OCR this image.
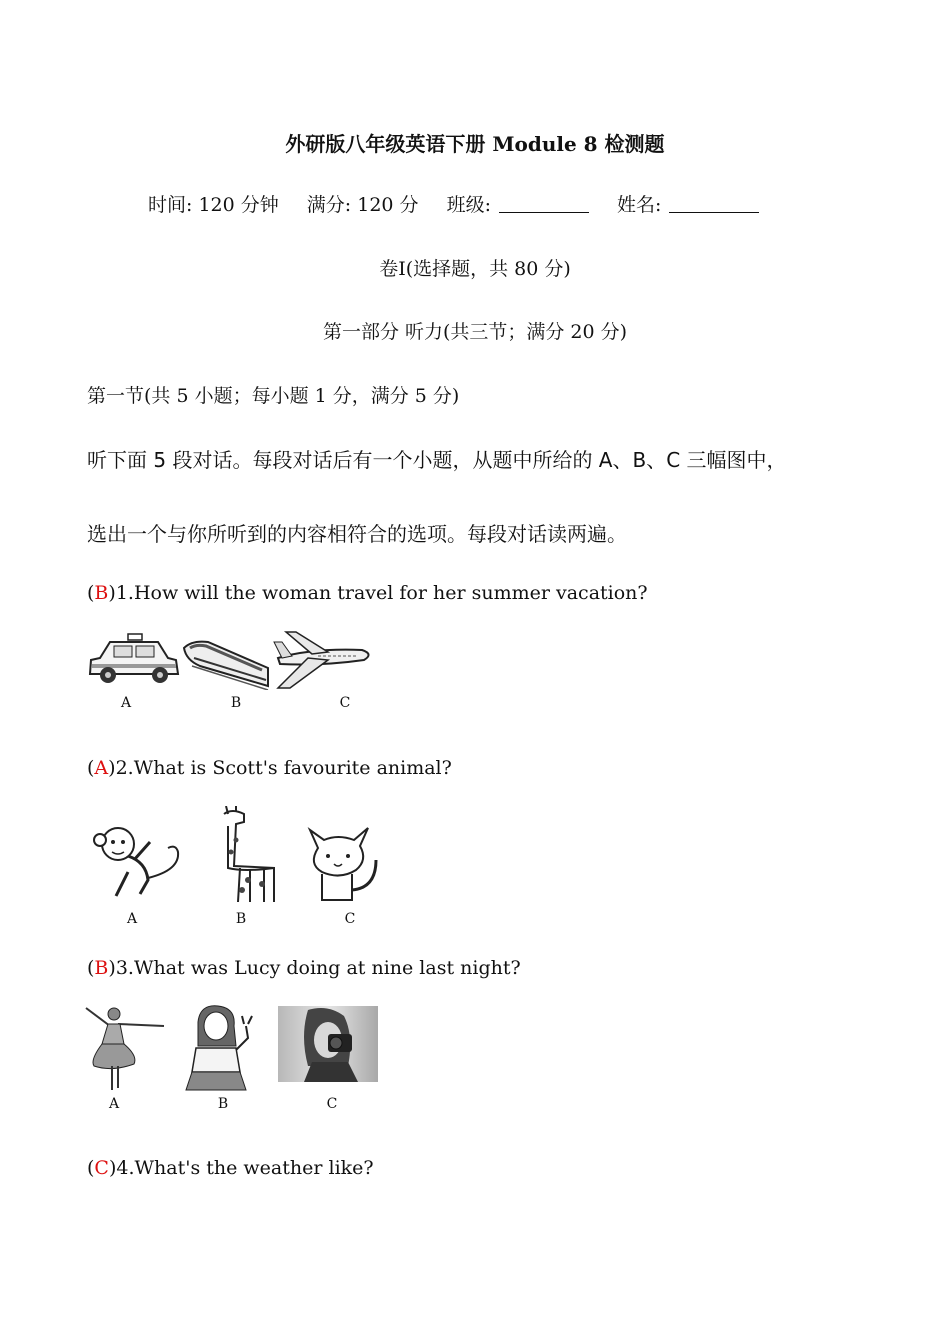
外研版八年级英语下册 Module 8 检测题
时间: 120 分钟 满分: 120 分 班级:	姓名:
卷Ⅰ(选择题，共 80 分)
第一部分 听力(共三节；满分 20 分)
第一节(共 5 小题；每小题 1 分，满分 5 分)
听下面 5 段对话。每段对话后有一个小题，从题中所给的 A、B、C 三幅图中，
选出一个与你所听到的内容相符合的选项。每段对话读两遍。
(B)1.How will the woman travel for her summer vacation?
A	B	C
(A)2.What is Scott's favourite animal?
A	B	C
(B)3.What was Lucy doing at nine last night?
A	B	C
(C)4.What's the weather like?
